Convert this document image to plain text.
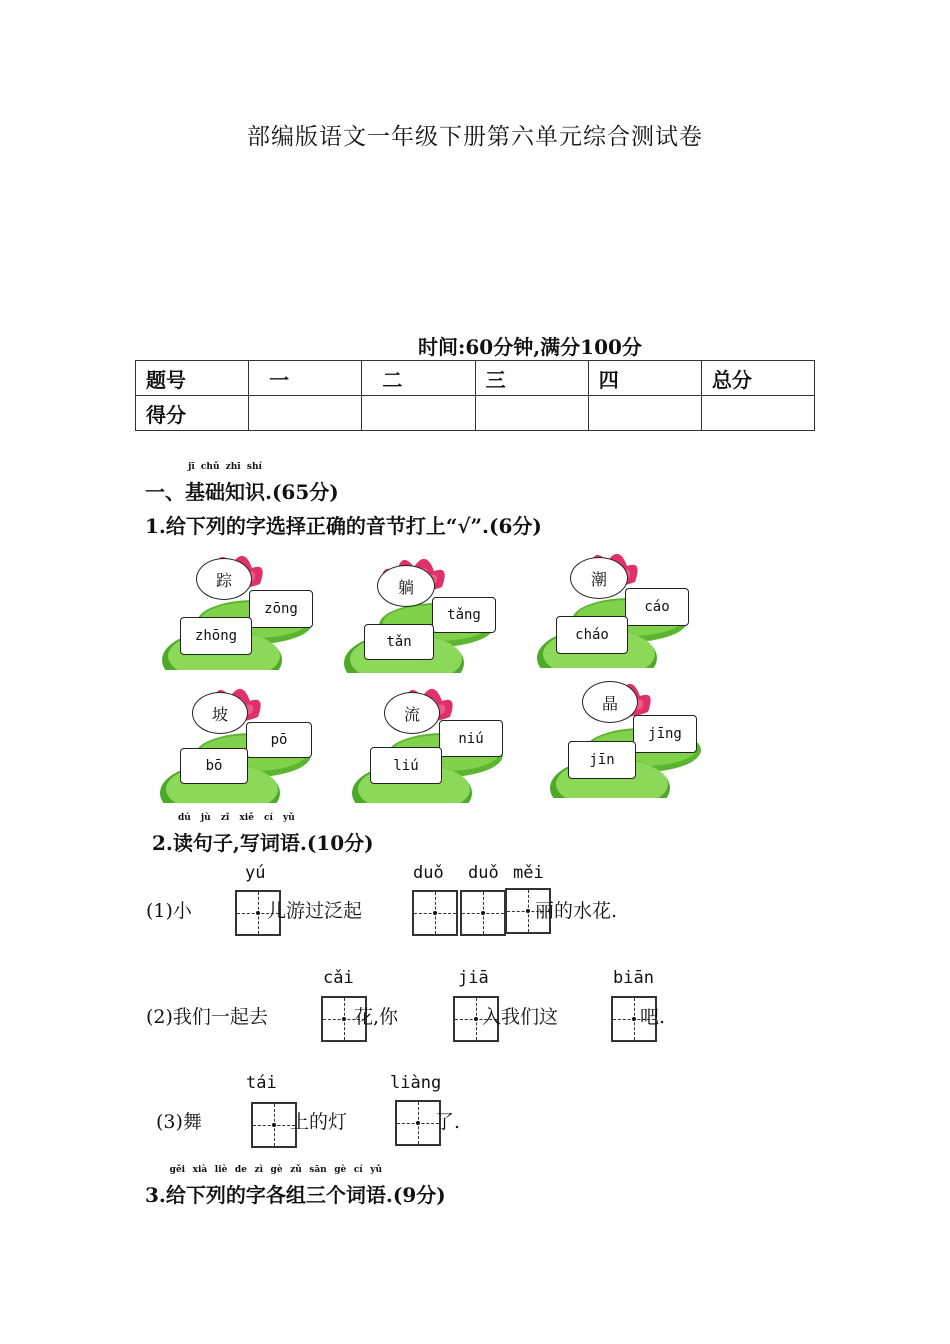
部编版语文一年级下册第六单元综合测试卷
时间:60分钟,满分100分
题号	一	二	三	四	总分
得分					
一、
jī chǔ zhī shí
基础知识.(65分)
1.给下列的字选择正确的音节打上“√”.(6分)
踪
zōng
zhōng
躺
tǎng
tǎn
潮
cáo
cháo
坡
pō
bō
流
niú
liú
晶
jīng
jīn
2.
dú jù zǐ xiě cí yǔ
读句子,写词语.(10分)
yú	duǒ duǒ měi
(1)小	儿游过泛起	丽的水花.
cǎi	jiā	biān
(2)我们一起去	花,你	入我们这	吧.
tái	liàng
(3)舞	上的灯	了.
3.
gěi xià liè de zì gè zǔ sān gè cí yǔ
给下列的字各组三个词语.(9分)
